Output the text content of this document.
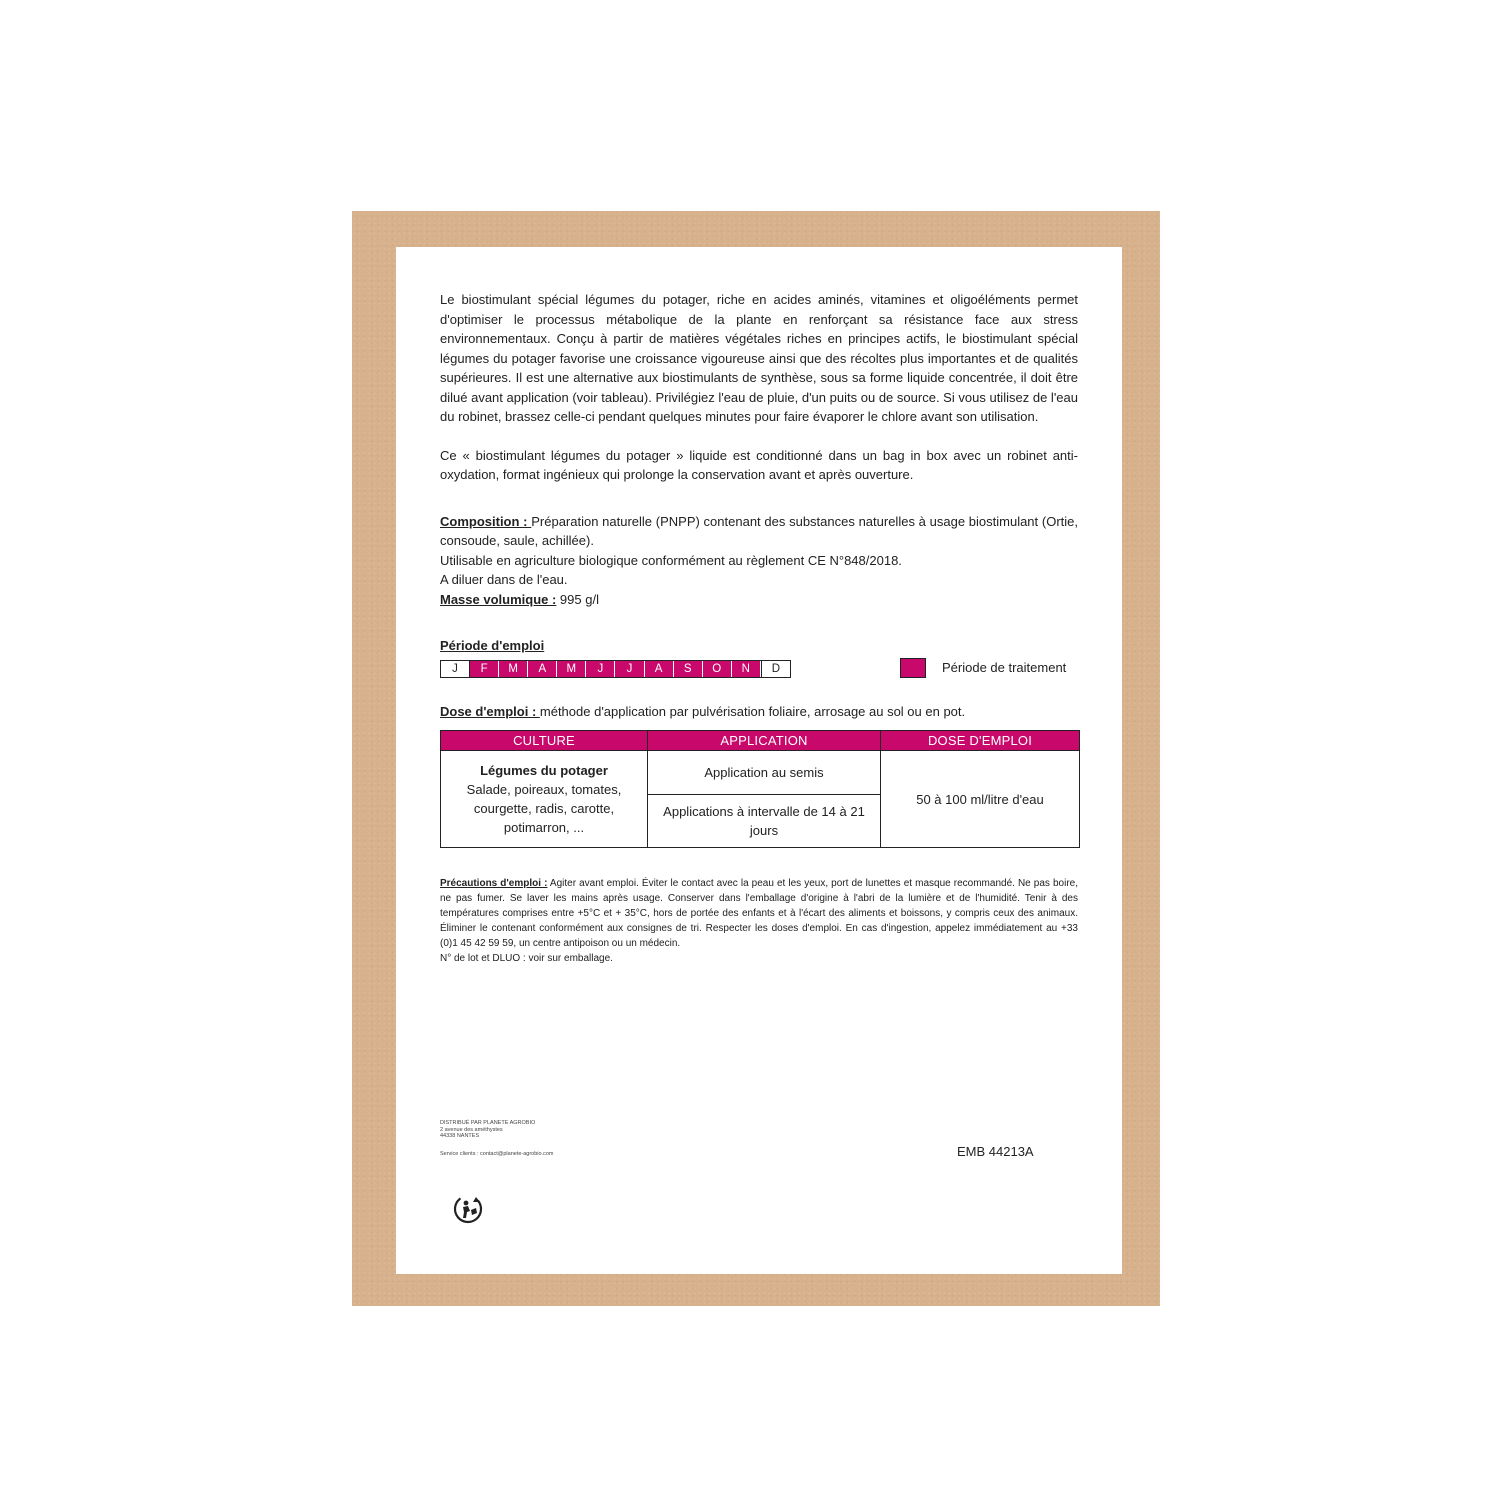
Le biostimulant spécial légumes du potager, riche en acides aminés, vitamines et oligoéléments permet d'optimiser le processus métabolique de la plante en renforçant sa résistance face aux stress environnementaux. Conçu à partir de matières végétales riches en principes actifs, le biostimulant spécial légumes du potager favorise une croissance vigoureuse ainsi que des récoltes plus importantes et de qualités supérieures. Il est une alternative aux biostimulants de synthèse, sous sa forme liquide concentrée, il doit être dilué avant application (voir tableau). Privilégiez l'eau de pluie, d'un puits ou de source. Si vous utilisez de l'eau du robinet, brassez celle-ci pendant quelques minutes pour faire évaporer le chlore avant son utilisation.

Ce « biostimulant légumes du potager » liquide est conditionné dans un bag in box avec un robinet anti-oxydation, format ingénieux qui prolonge la conservation avant et après ouverture.

Composition : Préparation naturelle (PNPP) contenant des substances naturelles à usage biostimulant (Ortie, consoude, saule, achillée).

Utilisable en agriculture biologique conformément au règlement CE N°848/2018.

A diluer dans de l'eau.

Masse volumique : 995 g/l

Période d'emploi

J	F	M	A	M	J	J	A	S	O	N	D	Période de traitement

Dose d'emploi : méthode d'application par pulvérisation foliaire, arrosage au sol ou en pot.

CULTURE	APPLICATION	DOSE D'EMPLOI
Légumes du potager
Salade, poireaux, tomates, courgette, radis, carotte, potimarron, ...	Application au semis	50 à 100 ml/litre d'eau
	Applications à intervalle de 14 à 21 jours	

Précautions d'emploi : Agiter avant emploi. Éviter le contact avec la peau et les yeux, port de lunettes et masque recommandé. Ne pas boire, ne pas fumer. Se laver les mains après usage. Conserver dans l'emballage d'origine à l'abri de la lumière et de l'humidité. Tenir à des températures comprises entre +5°C et + 35°C, hors de portée des enfants et à l'écart des aliments et boissons, y compris ceux des animaux. Éliminer le contenant conformément aux consignes de tri. Respecter les doses d'emploi. En cas d'ingestion, appelez immédiatement au +33 (0)1 45 42 59 59, un centre antipoison ou un médecin.

N° de lot et DLUO : voir sur emballage.

DISTRIBUÉ PAR PLANETE AGROBIO
2 avenue des améthystes
44338 NANTES
Service clients : contact@planete-agrobio.com	EMB 44213A
